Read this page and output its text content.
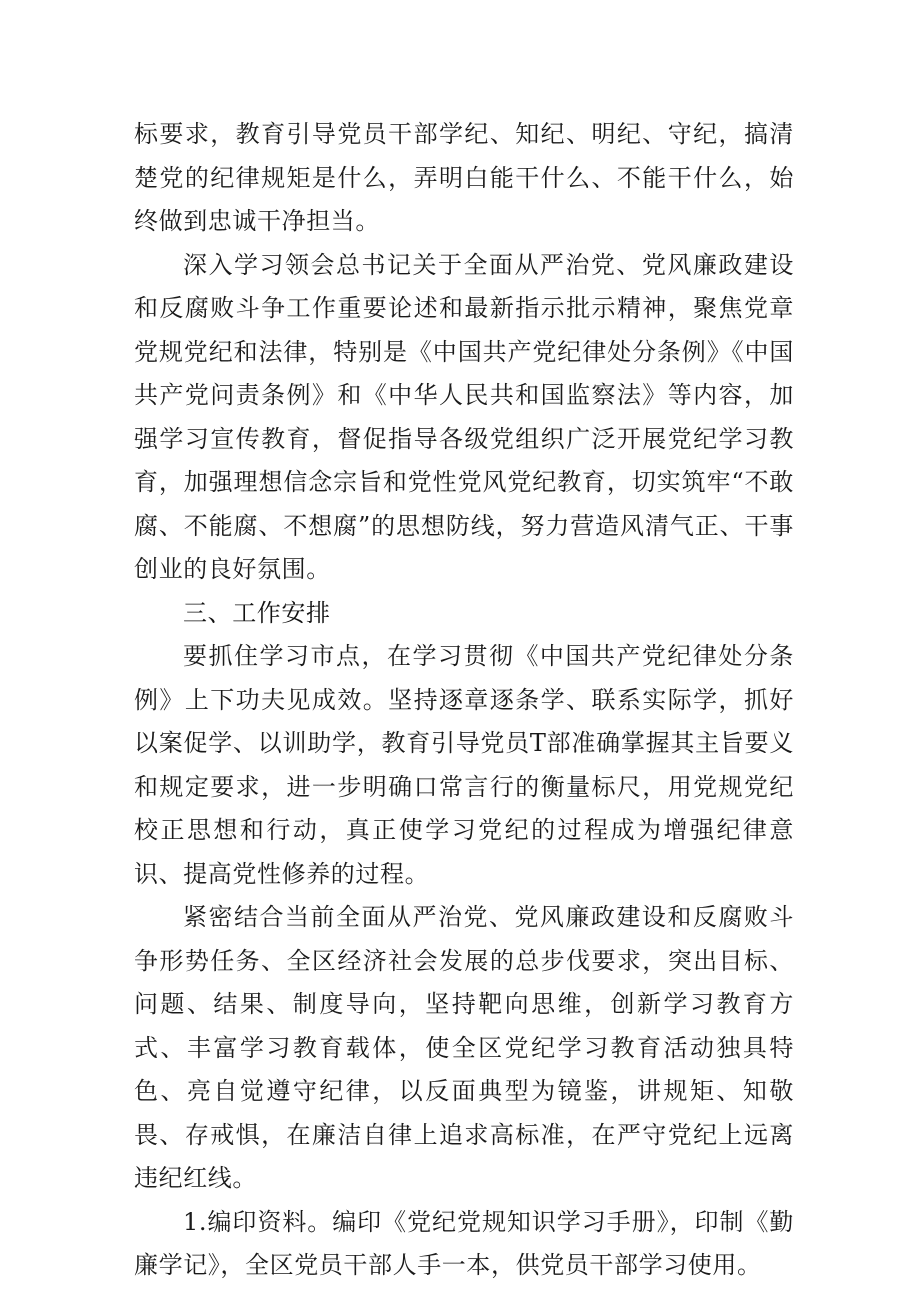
标要求，教育引导党员干部学纪、知纪、明纪、守纪，搞清楚党的纪律规矩是什么，弄明白能干什么、不能干什么，始终做到忠诚干净担当。

深入学习领会总书记关于全面从严治党、党风廉政建设和反腐败斗争工作重要论述和最新指示批示精神，聚焦党章党规党纪和法律，特别是《中国共产党纪律处分条例》《中国共产党问责条例》和《中华人民共和国监察法》等内容，加强学习宣传教育，督促指导各级党组织广泛开展党纪学习教育，加强理想信念宗旨和党性党风党纪教育，切实筑牢“不敢腐、不能腐、不想腐”的思想防线，努力营造风清气正、干事创业的良好氛围。

三、工作安排

要抓住学习市点，在学习贯彻《中国共产党纪律处分条例》上下功夫见成效。坚持逐章逐条学、联系实际学，抓好以案促学、以训助学，教育引导党员T部准确掌握其主旨要义和规定要求，进一步明确口常言行的衡量标尺，用党规党纪校正思想和行动，真正使学习党纪的过程成为增强纪律意识、提高党性修养的过程。

紧密结合当前全面从严治党、党风廉政建设和反腐败斗争形势任务、全区经济社会发展的总步伐要求，突出目标、问题、结果、制度导向，坚持靶向思维，创新学习教育方式、丰富学习教育载体，使全区党纪学习教育活动独具特色、亮自觉遵守纪律，以反面典型为镜鉴，讲规矩、知敬畏、存戒惧，在廉洁自律上追求高标准，在严守党纪上远离违纪红线。

1.编印资料。编印《党纪党规知识学习手册》，印制《勤廉学记》，全区党员干部人手一本，供党员干部学习使用。
